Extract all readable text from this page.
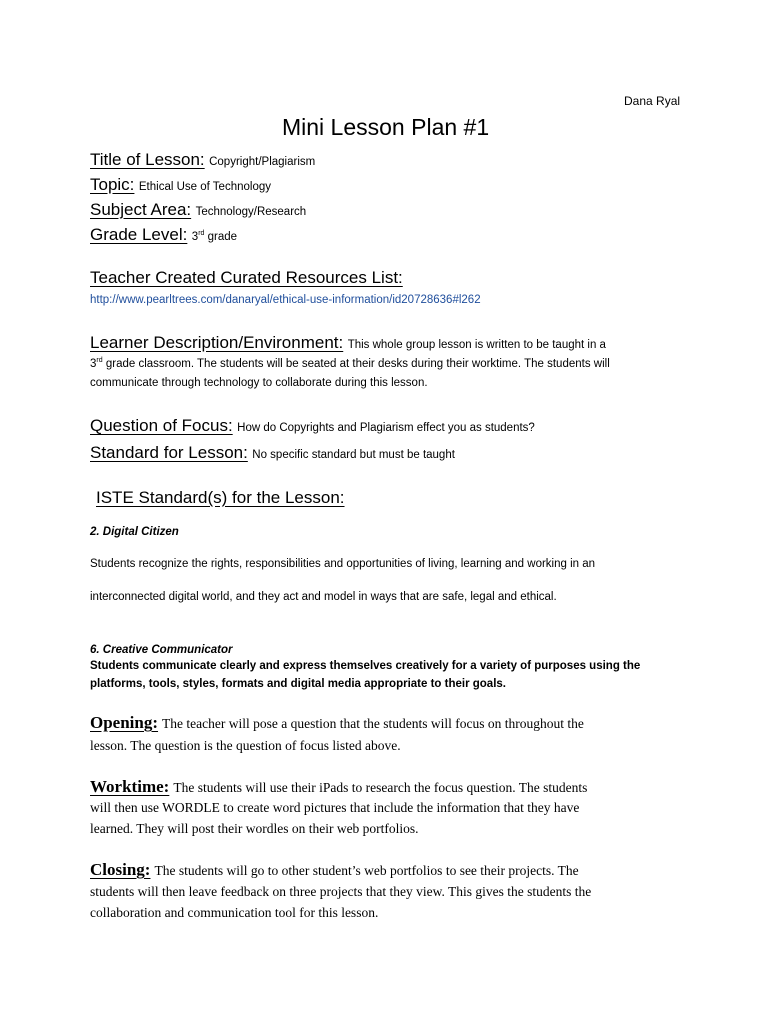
Dana Ryal
Mini Lesson Plan #1
Title of Lesson: Copyright/Plagiarism
Topic: Ethical Use of Technology
Subject Area: Technology/Research
Grade Level: 3rd grade
Teacher Created Curated Resources List:
http://www.pearltrees.com/danaryal/ethical-use-information/id20728636#l262
Learner Description/Environment: This whole group lesson is written to be taught in a
3rd grade classroom. The students will be seated at their desks during their worktime. The students will
communicate through technology to collaborate during this lesson.
Question of Focus: How do Copyrights and Plagiarism effect you as students?
Standard for Lesson: No specific standard but must be taught
ISTE Standard(s) for the Lesson:
2. Digital Citizen
Students recognize the rights, responsibilities and opportunities of living, learning and working in an
interconnected digital world, and they act and model in ways that are safe, legal and ethical.
6. Creative Communicator
Students communicate clearly and express themselves creatively for a variety of purposes using the
platforms, tools, styles, formats and digital media appropriate to their goals.
Opening: The teacher will pose a question that the students will focus on throughout the
lesson. The question is the question of focus listed above.
Worktime: The students will use their iPads to research the focus question. The students
will then use WORDLE to create word pictures that include the information that they have
learned. They will post their wordles on their web portfolios.
Closing: The students will go to other student’s web portfolios to see their projects. The
students will then leave feedback on three projects that they view. This gives the students the
collaboration and communication tool for this lesson.
